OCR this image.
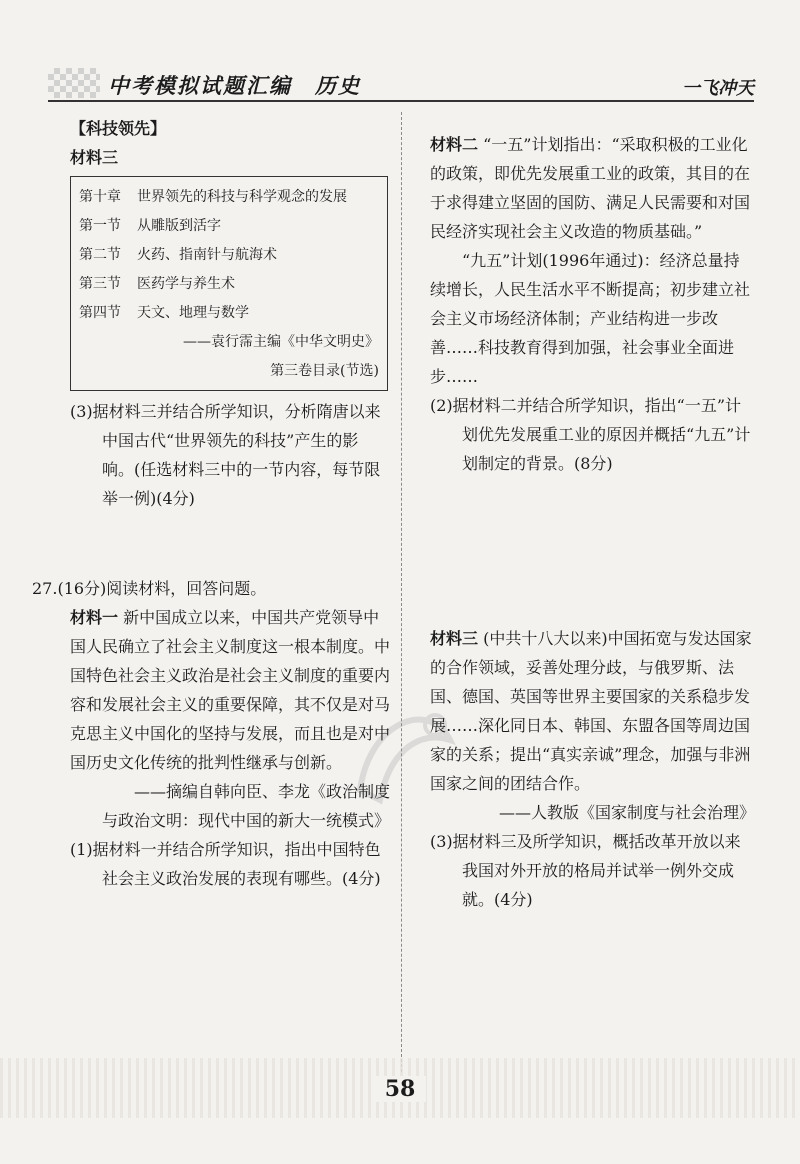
中考模拟试题汇编　历史	一飞冲天

【科技领先】

材料三

第十章	世界领先的科技与科学观念的发展
第一节	从雕版到活字
第二节	火药、指南针与航海术
第三节	医药学与养生术
第四节	天文、地理与数学
——袁行霈主编《中华文明史》
第三卷目录(节选)

(3)据材料三并结合所学知识，分析隋唐以来中国古代“世界领先的科技”产生的影响。(任选材料三中的一节内容，每节限举一例)(4分)

27.(16分)阅读材料，回答问题。

材料一 新中国成立以来，中国共产党领导中国人民确立了社会主义制度这一根本制度。中国特色社会主义政治是社会主义制度的重要内容和发展社会主义的重要保障，其不仅是对马克思主义中国化的坚持与发展，而且也是对中国历史文化传统的批判性继承与创新。

——摘编自韩向臣、李龙《政治制度

与政治文明：现代中国的新大一统模式》

(1)据材料一并结合所学知识，指出中国特色社会主义政治发展的表现有哪些。(4分)

材料二 “一五”计划指出：“采取积极的工业化的政策，即优先发展重工业的政策，其目的在于求得建立坚固的国防、满足人民需要和对国民经济实现社会主义改造的物质基础。”

“九五”计划(1996年通过)：经济总量持续增长，人民生活水平不断提高；初步建立社会主义市场经济体制；产业结构进一步改善……科技教育得到加强，社会事业全面进步……

(2)据材料二并结合所学知识，指出“一五”计划优先发展重工业的原因并概括“九五”计划制定的背景。(8分)

材料三 (中共十八大以来)中国拓宽与发达国家的合作领域，妥善处理分歧，与俄罗斯、法国、德国、英国等世界主要国家的关系稳步发展……深化同日本、韩国、东盟各国等周边国家的关系；提出“真实亲诚”理念，加强与非洲国家之间的团结合作。

——人教版《国家制度与社会治理》

(3)据材料三及所学知识，概括改革开放以来我国对外开放的格局并试举一例外交成就。(4分)

58
